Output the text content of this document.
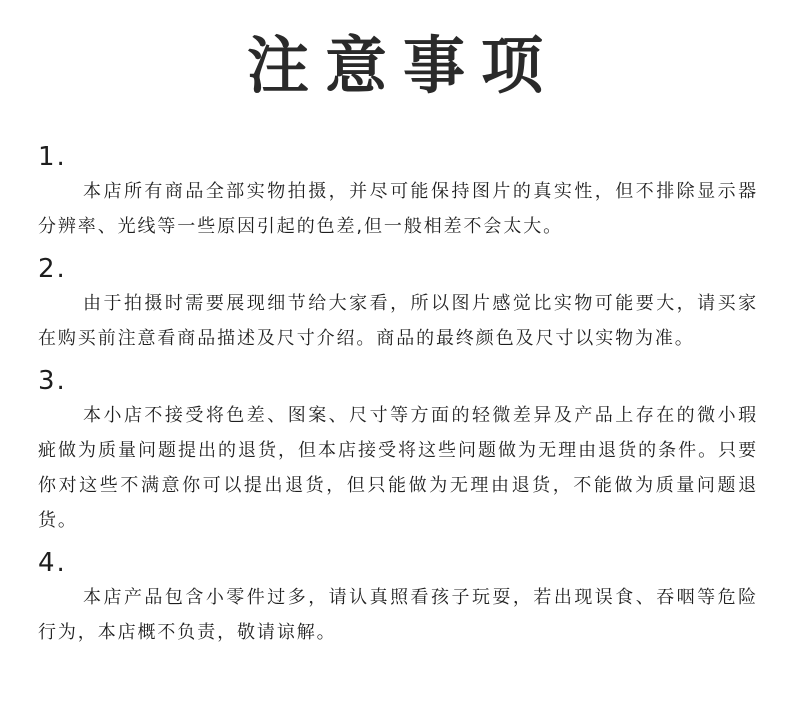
注意事项
1.

本店所有商品全部实物拍摄，并尽可能保持图片的真实性，但不排除显示器分辨率、光线等一些原因引起的色差,但一般相差不会太大。

2.

由于拍摄时需要展现细节给大家看，所以图片感觉比实物可能要大，请买家在购买前注意看商品描述及尺寸介绍。商品的最终颜色及尺寸以实物为准。

3.

本小店不接受将色差、图案、尺寸等方面的轻微差异及产品上存在的微小瑕疵做为质量问题提出的退货，但本店接受将这些问题做为无理由退货的条件。只要你对这些不满意你可以提出退货，但只能做为无理由退货，不能做为质量问题退货。

4.

本店产品包含小零件过多，请认真照看孩子玩耍，若出现误食、吞咽等危险行为，本店概不负责，敬请谅解。
